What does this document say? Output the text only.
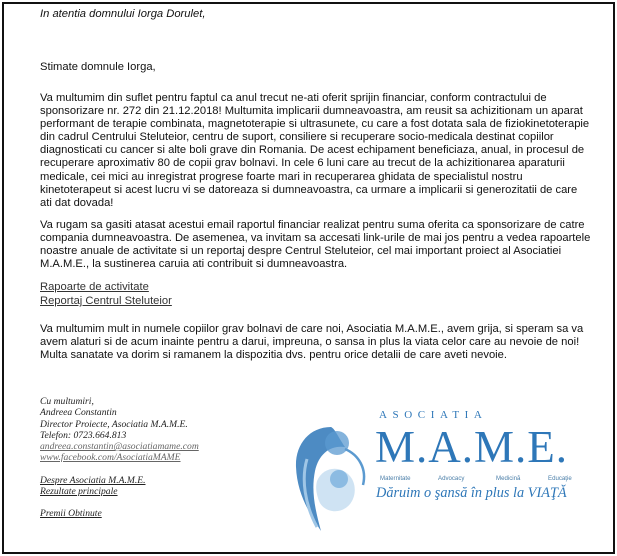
In atentia domnului Iorga Dorulet,
Stimate domnule Iorga,
Va multumim din suflet pentru faptul ca anul trecut ne-ati oferit sprijin financiar, conform contractului de sponsorizare nr. 272 din 21.12.2018! Multumita implicarii dumneavoastra, am reusit sa achizitionam un aparat performant de terapie combinata, magnetoterapie si ultrasunete, cu care a fost dotata sala de fiziokinetoterapie din cadrul Centrului Steluteior, centru de suport, consiliere si recuperare socio-medicala destinat copiilor diagnosticati cu cancer si alte boli grave din Romania. De acest echipament beneficiaza, anual, in procesul de recuperare aproximativ 80 de copii grav bolnavi. In cele 6 luni care au trecut de la achizitionarea aparaturii medicale, cei mici au inregistrat progrese foarte mari in recuperarea ghidata de specialistul nostru kinetoterapeut si acest lucru vi se datoreaza si dumneavoastra, ca urmare a implicarii si generozitatii de care ati dat dovada!
Va rugam sa gasiti atasat acestui email raportul financiar realizat pentru suma oferita ca sponsorizare de catre compania dumneavoastra. De asemenea, va invitam sa accesati link-urile de mai jos pentru a vedea rapoartele noastre anuale de activitate si un reportaj despre Centrul Steluteior, cel mai important proiect al Asociatiei M.A.M.E., la sustinerea caruia ati contribuit si dumneavoastra.
Rapoarte de activitate
Reportaj Centrul Steluteior
Va multumim mult in numele copiilor grav bolnavi de care noi, Asociatia M.A.M.E., avem grija, si speram sa va avem alaturi si de acum inainte pentru a darui, impreuna, o sansa in plus la viata celor care au nevoie de noi! Multa sanatate va dorim si ramanem la dispozitia dvs. pentru orice detalii de care aveti nevoie.
Cu multumiri,
Andreea Constantin
Director Proiecte, Asociatia M.A.M.E.
Telefon: 0723.664.813
andreea.constantin@asociatiamame.com
www.facebook.com/AsociatiaMAME
Despre Asociatia M.A.M.E.
Rezultate principale
Premii Obtinute
ASOCIATIA
M.A.M.E.
Maternitate	Advocacy	Medicină	Educaţie
Dăruim o şansă în plus la VIAŢĂ
